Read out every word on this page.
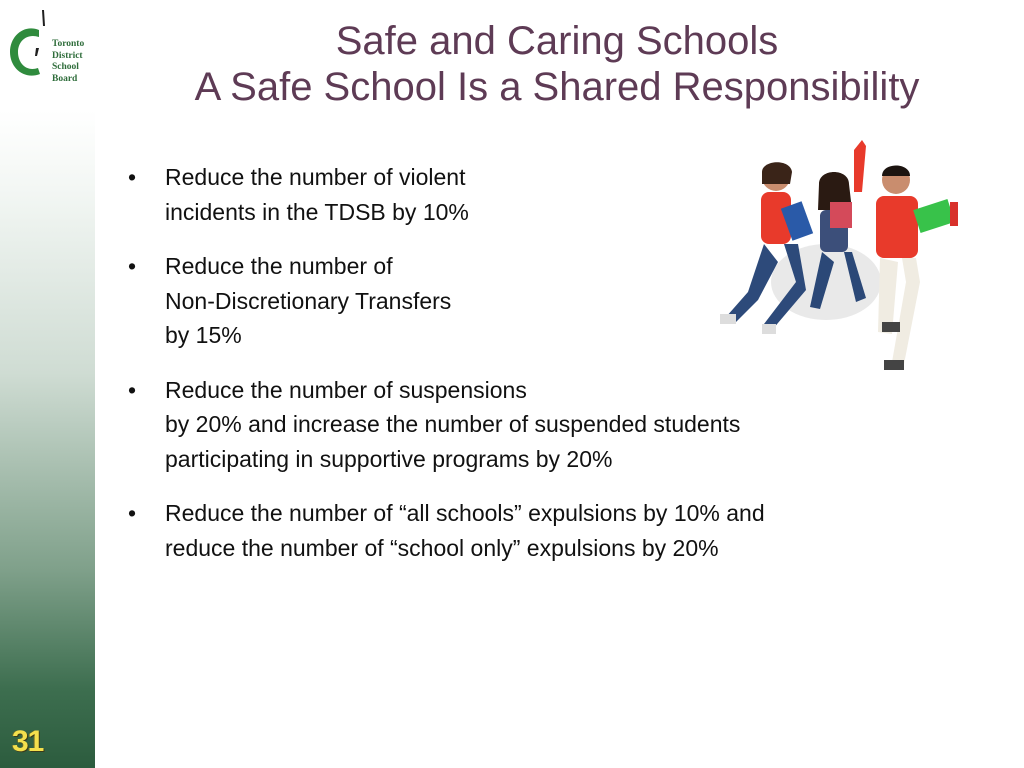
Toronto
District
School
Board
Safe and Caring Schools
A Safe School Is a Shared Responsibility
• Reduce the number of violent
incidents in the TDSB by 10%
• Reduce the number of
Non-Discretionary Transfers
by 15%
• Reduce the number of suspensions
by 20% and increase the number of suspended students
participating in supportive programs by 20%
• Reduce the number of “all schools” expulsions by 10% and
reduce the number of “school only” expulsions by 20%
31
